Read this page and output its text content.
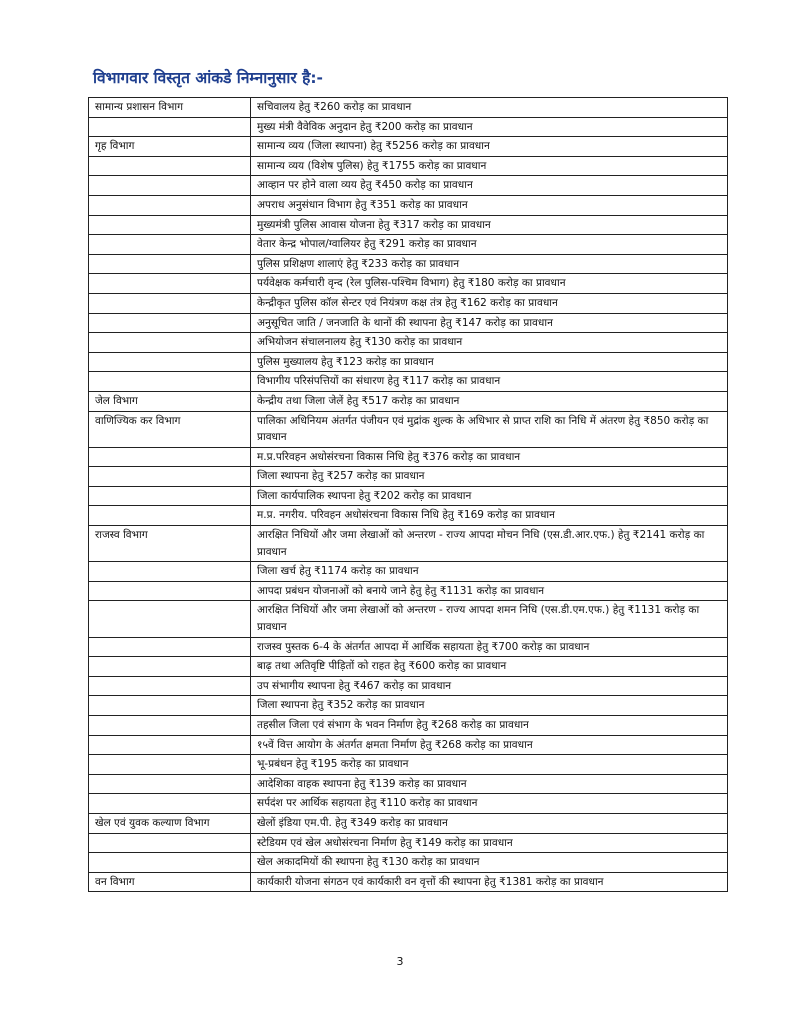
विभागवार विस्तृत आंकडे निम्नानुसार है:-
सामान्य प्रशासन विभाग	सचिवालय हेतु ₹260 करोड़ का प्रावधान
	मुख्य मंत्री वैवेविक अनुदान हेतु ₹200 करोड़ का प्रावधान
गृह विभाग	सामान्य व्यय (जिला स्थापना) हेतु ₹5256 करोड़ का प्रावधान
	सामान्य व्यय (विशेष पुलिस) हेतु ₹1755 करोड़ का प्रावधान
	आव्हान पर होने वाला व्यय हेतु ₹450 करोड़ का प्रावधान
	अपराध अनुसंधान विभाग हेतु ₹351 करोड़ का प्रावधान
	मुख्यमंत्री पुलिस आवास योजना हेतु ₹317 करोड़ का प्रावधान
	वेतार केन्द्र भोपाल/ग्वालियर हेतु ₹291 करोड़ का प्रावधान
	पुलिस प्रशिक्षण शालाएं हेतु ₹233 करोड़ का प्रावधान
	पर्यवेक्षक कर्मचारी वृन्द (रेल पुलिस-पश्चिम विभाग) हेतु ₹180 करोड़ का प्रावधान
	केन्द्रीकृत पुलिस कॉल सेन्टर एवं नियंत्रण कक्ष तंत्र हेतु ₹162 करोड़ का प्रावधान
	अनुसूचित जाति / जनजाति के थानों की स्थापना हेतु ₹147 करोड़ का प्रावधान
	अभियोजन संचालनालय हेतु ₹130 करोड़ का प्रावधान
	पुलिस मुख्यालय हेतु ₹123 करोड़ का प्रावधान
	विभागीय परिसंपत्तियों का संधारण हेतु ₹117 करोड़ का प्रावधान
जेल विभाग	केन्द्रीय तथा जिला जेलें हेतु ₹517 करोड़ का प्रावधान
वाणिज्यिक कर विभाग	पालिका अधिनियम अंतर्गत पंजीयन एवं मुद्रांक शुल्क के अधिभार से प्राप्त राशि का निधि में अंतरण हेतु ₹850 करोड़ का प्रावधान
	म.प्र.परिवहन अधोसंरचना विकास निधि हेतु ₹376 करोड़ का प्रावधान
	जिला स्थापना हेतु ₹257 करोड़ का प्रावधान
	जिला कार्यपालिक स्थापना हेतु ₹202 करोड़ का प्रावधान
	म.प्र. नगरीय. परिवहन अधोसंरचना विकास निधि हेतु ₹169 करोड़ का प्रावधान
राजस्व विभाग	आरक्षित निधियों और जमा लेखाओं को अन्तरण - राज्य आपदा मोचन निधि (एस.डी.आर.एफ.) हेतु ₹2141 करोड़ का प्रावधान
	जिला खर्च हेतु ₹1174 करोड़ का प्रावधान
	आपदा प्रबंधन योजनाओं को बनाये जाने हेतु हेतु ₹1131 करोड़ का प्रावधान
	आरक्षित निधियों और जमा लेखाओं को अन्तरण - राज्य आपदा शमन निधि (एस.डी.एम.एफ.) हेतु ₹1131 करोड़ का प्रावधान
	राजस्व पुस्तक 6-4 के अंतर्गत आपदा में आर्थिक सहायता हेतु ₹700 करोड़ का प्रावधान
	बाढ़ तथा अतिवृष्टि पीड़ितों को राहत हेतु ₹600 करोड़ का प्रावधान
	उप संभागीय स्थापना हेतु ₹467 करोड़ का प्रावधान
	जिला स्थापना हेतु ₹352 करोड़ का प्रावधान
	तहसील जिला एवं संभाग के भवन निर्माण हेतु ₹268 करोड़ का प्रावधान
	१५वें वित्त आयोग के अंतर्गत क्षमता निर्माण हेतु ₹268 करोड़ का प्रावधान
	भू-प्रबंधन हेतु ₹195 करोड़ का प्रावधान
	आदेशिका वाहक स्थापना हेतु ₹139 करोड़ का प्रावधान
	सर्पदंश पर आर्थिक सहायता हेतु ₹110 करोड़ का प्रावधान
खेल एवं युवक कल्याण विभाग	खेलों इंडिया एम.पी. हेतु ₹349 करोड़ का प्रावधान
	स्टेडियम एवं खेल अधोसंरचना निर्माण हेतु ₹149 करोड़ का प्रावधान
	खेल अकादमियों की स्थापना हेतु ₹130 करोड़ का प्रावधान
वन विभाग	कार्यकारी योजना संगठन एवं कार्यकारी वन वृत्तों की स्थापना हेतु ₹1381 करोड़ का प्रावधान
3
